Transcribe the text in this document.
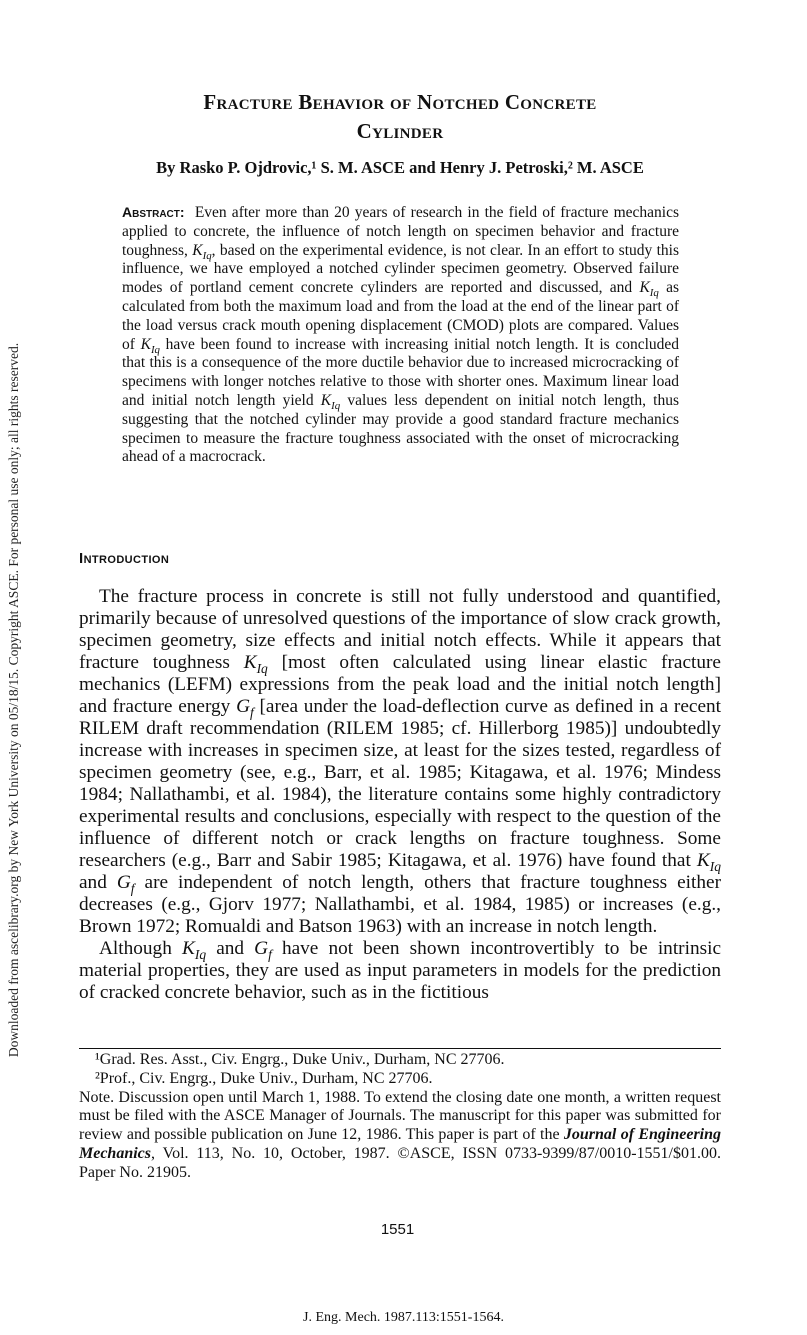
Downloaded from ascelibrary.org by New York University on 05/18/15. Copyright ASCE. For personal use only; all rights reserved.
Fracture Behavior of Notched Concrete
Cylinder
By Rasko P. Ojdrovic,¹ S. M. ASCE and Henry J. Petroski,² M. ASCE
Abstract: Even after more than 20 years of research in the field of fracture mechanics applied to concrete, the influence of notch length on specimen behavior and fracture toughness, $K_{Iq}$, based on the experimental evidence, is not clear. In an effort to study this influence, we have employed a notched cylinder specimen geometry. Observed failure modes of portland cement concrete cylinders are reported and discussed, and $K_{Iq}$ as calculated from both the maximum load and from the load at the end of the linear part of the load versus crack mouth opening displacement (CMOD) plots are compared. Values of $K_{Iq}$ have been found to increase with increasing initial notch length. It is concluded that this is a consequence of the more ductile behavior due to increased microcracking of specimens with longer notches relative to those with shorter ones. Maximum linear load and initial notch length yield $K_{Iq}$ values less dependent on initial notch length, thus suggesting that the notched cylinder may provide a good standard fracture mechanics specimen to measure the fracture toughness associated with the onset of microcracking ahead of a macrocrack.
Introduction

The fracture process in concrete is still not fully understood and quantified, primarily because of unresolved questions of the importance of slow crack growth, specimen geometry, size effects and initial notch effects. While it appears that fracture toughness $K_{Iq}$ [most often calculated using linear elastic fracture mechanics (LEFM) expressions from the peak load and the initial notch length] and fracture energy $G_f$ [area under the load-deflection curve as defined in a recent RILEM draft recommendation (RILEM 1985; cf. Hillerborg 1985)] undoubtedly increase with increases in specimen size, at least for the sizes tested, regardless of specimen geometry (see, e.g., Barr, et al. 1985; Kitagawa, et al. 1976; Mindess 1984; Nallathambi, et al. 1984), the literature contains some highly contradictory experimental results and conclusions, especially with respect to the question of the influence of different notch or crack lengths on fracture toughness. Some researchers (e.g., Barr and Sabir 1985; Kitagawa, et al. 1976) have found that $K_{Iq}$ and $G_f$ are independent of notch length, others that fracture toughness either decreases (e.g., Gjorv 1977; Nallathambi, et al. 1984, 1985) or increases (e.g., Brown 1972; Romualdi and Batson 1963) with an increase in notch length.

Although $K_{Iq}$ and $G_f$ have not been shown incontrovertibly to be intrinsic material properties, they are used as input parameters in models for the prediction of cracked concrete behavior, such as in the fictitious

¹Grad. Res. Asst., Civ. Engrg., Duke Univ., Durham, NC 27706.

²Prof., Civ. Engrg., Duke Univ., Durham, NC 27706.

Note. Discussion open until March 1, 1988. To extend the closing date one month, a written request must be filed with the ASCE Manager of Journals. The manuscript for this paper was submitted for review and possible publication on June 12, 1986. This paper is part of the Journal of Engineering Mechanics, Vol. 113, No. 10, October, 1987. ©ASCE, ISSN 0733-9399/87/0010-1551/$01.00. Paper No. 21905.

1551
J. Eng. Mech. 1987.113:1551-1564.
